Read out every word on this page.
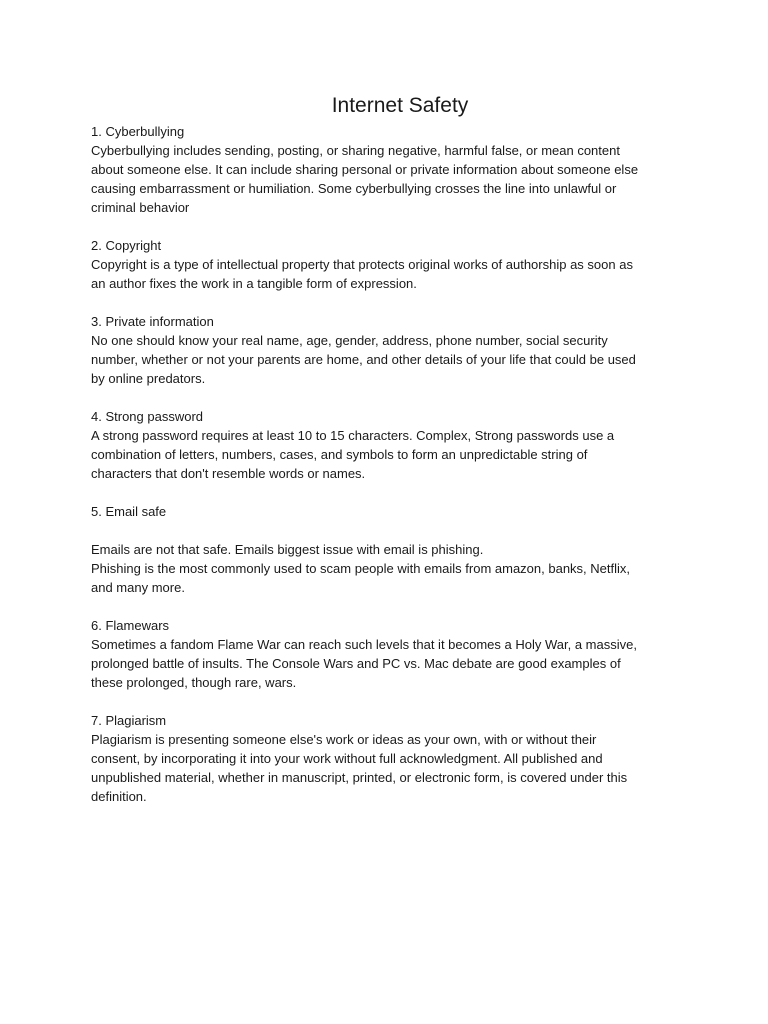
Internet Safety
1. Cyberbullying
Cyberbullying includes sending, posting, or sharing negative, harmful false, or mean content
about someone else. It can include sharing personal or private information about someone else
causing embarrassment or humiliation. Some cyberbullying crosses the line into unlawful or
criminal behavior
2. Copyright
Copyright is a type of intellectual property that protects original works of authorship as soon as
an author fixes the work in a tangible form of expression.
3. Private information
No one should know your real name, age, gender, address, phone number, social security
number, whether or not your parents are home, and other details of your life that could be used
by online predators.
4. Strong password
A strong password requires at least 10 to 15 characters. Complex, Strong passwords use a
combination of letters, numbers, cases, and symbols to form an unpredictable string of
characters that don't resemble words or names.
5. Email safe
Emails are not that safe. Emails biggest issue with email is phishing.
Phishing is the most commonly used to scam people with emails from amazon, banks, Netflix,
and many more.
6. Flamewars
Sometimes a fandom Flame War can reach such levels that it becomes a Holy War, a massive,
prolonged battle of insults. The Console Wars and PC vs. Mac debate are good examples of
these prolonged, though rare, wars.
7. Plagiarism
Plagiarism is presenting someone else's work or ideas as your own, with or without their
consent, by incorporating it into your work without full acknowledgment. All published and
unpublished material, whether in manuscript, printed, or electronic form, is covered under this
definition.
